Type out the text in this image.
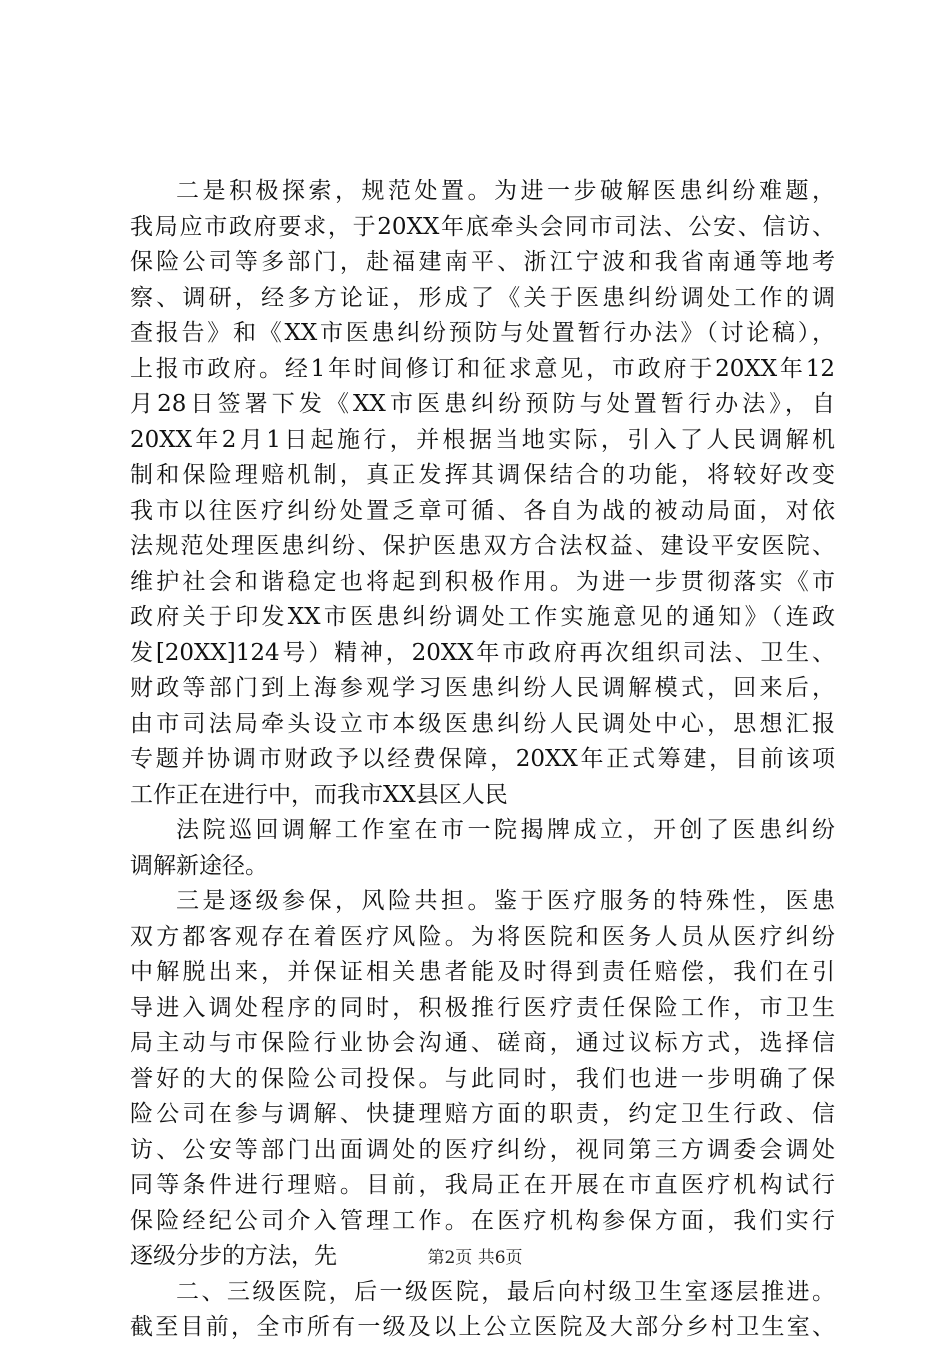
二是积极探索，规范处置。为进一步破解医患纠纷难题，
我局应市政府要求，于20XX年底牵头会同市司法、公安、信访、
保险公司等多部门，赴福建南平、浙江宁波和我省南通等地考
察、调研，经多方论证，形成了《关于医患纠纷调处工作的调
查报告》和《XX市医患纠纷预防与处置暂行办法》（讨论稿），
上报市政府。经1年时间修订和征求意见，市政府于20XX年12
月28日签署下发《XX市医患纠纷预防与处置暂行办法》，自
20XX年2月1日起施行，并根据当地实际，引入了人民调解机
制和保险理赔机制，真正发挥其调保结合的功能，将较好改变
我市以往医疗纠纷处置乏章可循、各自为战的被动局面，对依
法规范处理医患纠纷、保护医患双方合法权益、建设平安医院、
维护社会和谐稳定也将起到积极作用。为进一步贯彻落实《市
政府关于印发XX市医患纠纷调处工作实施意见的通知》（连政
发[20XX]124号）精神，20XX年市政府再次组织司法、卫生、
财政等部门到上海参观学习医患纠纷人民调解模式，回来后，
由市司法局牵头设立市本级医患纠纷人民调处中心，思想汇报
专题并协调市财政予以经费保障，20XX年正式筹建，目前该项
工作正在进行中，而我市XX县区人民
法院巡回调解工作室在市一院揭牌成立，开创了医患纠纷
调解新途径。
三是逐级参保，风险共担。鉴于医疗服务的特殊性，医患
双方都客观存在着医疗风险。为将医院和医务人员从医疗纠纷
中解脱出来，并保证相关患者能及时得到责任赔偿，我们在引
导进入调处程序的同时，积极推行医疗责任保险工作，市卫生
局主动与市保险行业协会沟通、磋商，通过议标方式，选择信
誉好的大的保险公司投保。与此同时，我们也进一步明确了保
险公司在参与调解、快捷理赔方面的职责，约定卫生行政、信
访、公安等部门出面调处的医疗纠纷，视同第三方调委会调处
同等条件进行理赔。目前，我局正在开展在市直医疗机构试行
保险经纪公司介入管理工作。在医疗机构参保方面，我们实行
逐级分步的方法，先
二、三级医院，后一级医院，最后向村级卫生室逐层推进。
截至目前，全市所有一级及以上公立医院及大部分乡村卫生室、
第2页 共6页
